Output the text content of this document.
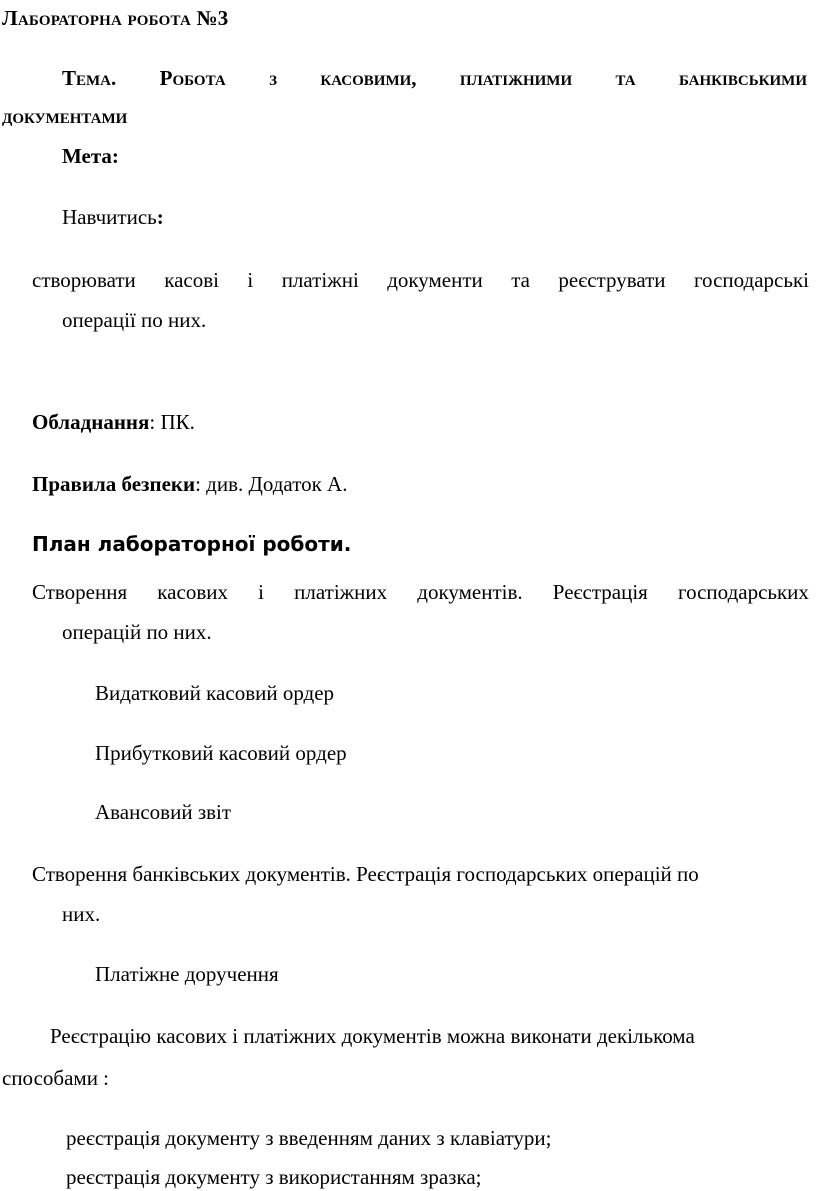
Лабораторна робота №3

Тема. Робота з касовими, платіжними та банківськими

документами

Мета:

Навчитись:

створювати касові і платіжні документи та реєструвати господарські

операції по них.

Обладнання: ПК.

Правила безпеки: див. Додаток А.

План лабораторної роботи.

Створення касових і платіжних документів. Реєстрація господарських

операцій по них.

Видатковий касовий ордер

Прибутковий касовий ордер

Авансовий звіт

Створення банківських документів. Реєстрація господарських операцій по

них.

Платіжне доручення

Реєстрацію касових і платіжних документів можна виконати декількома

способами :

реєстрація документу з введенням даних з клавіатури;

реєстрація документу з використанням зразка;
